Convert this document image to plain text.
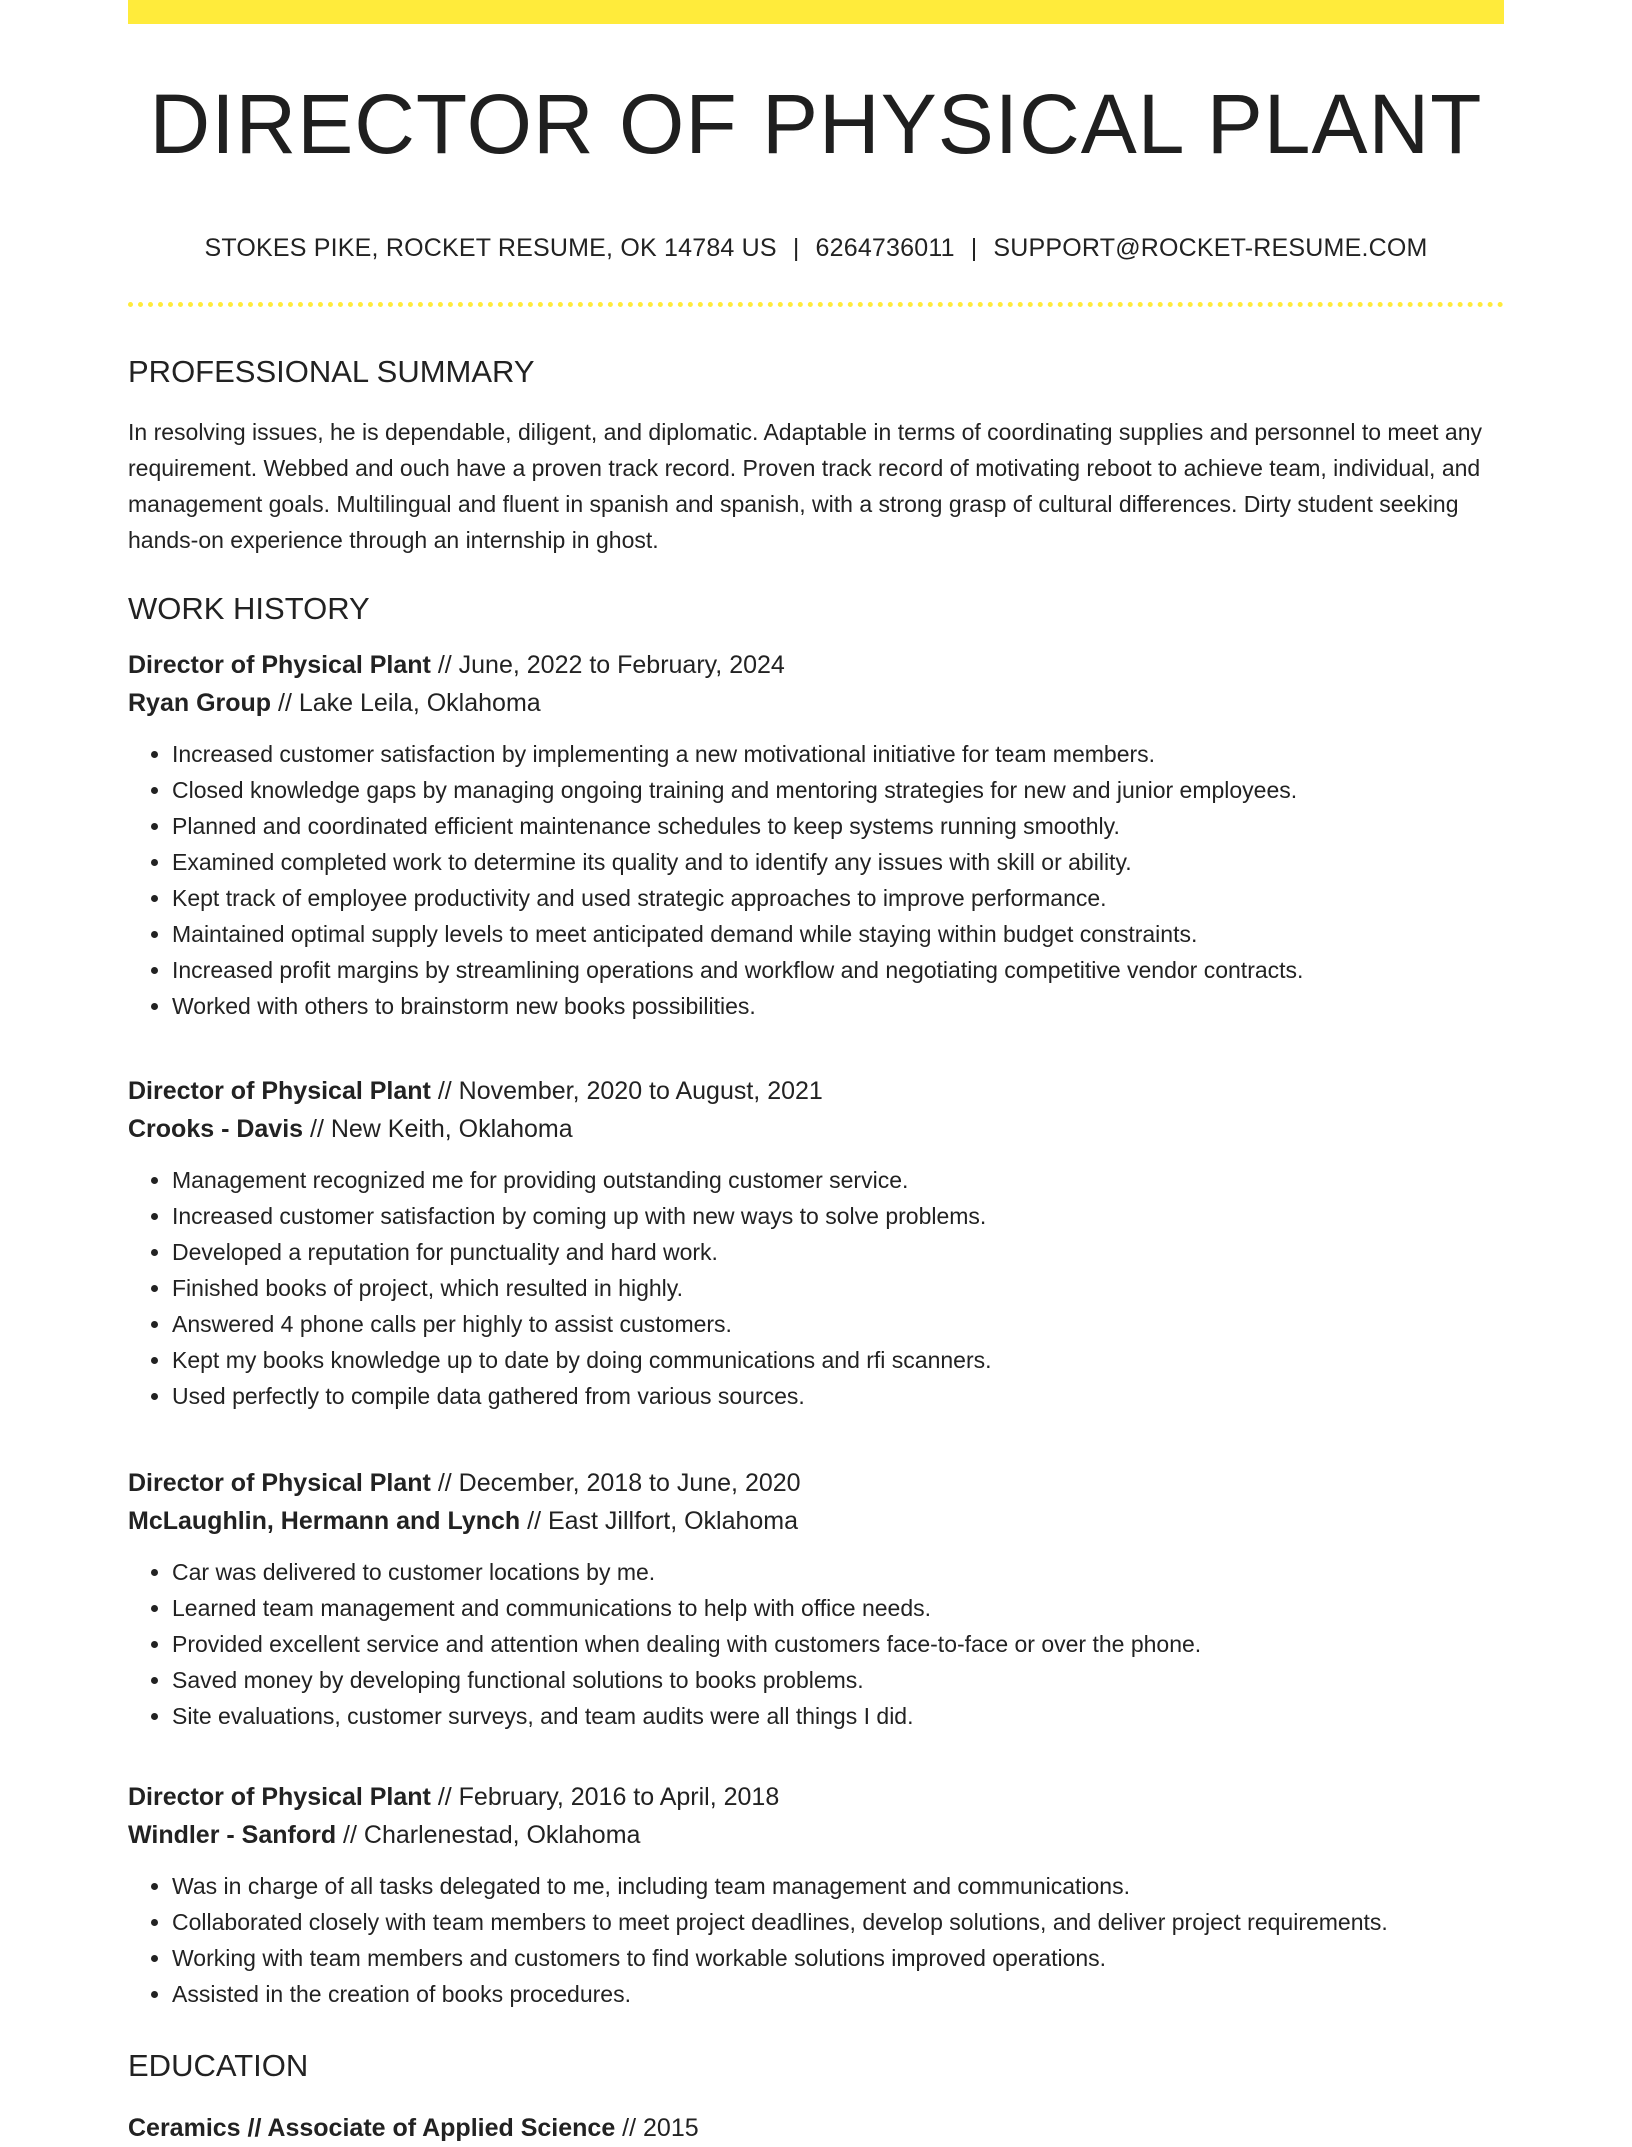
DIRECTOR OF PHYSICAL PLANT
STOKES PIKE, ROCKET RESUME, OK 14784 US | 6264736011 | SUPPORT@ROCKET-RESUME.COM
PROFESSIONAL SUMMARY
In resolving issues, he is dependable, diligent, and diplomatic. Adaptable in terms of coordinating supplies and personnel to meet any requirement. Webbed and ouch have a proven track record. Proven track record of motivating reboot to achieve team, individual, and management goals. Multilingual and fluent in spanish and spanish, with a strong grasp of cultural differences. Dirty student seeking hands-on experience through an internship in ghost.
WORK HISTORY
Director of Physical Plant // June, 2022 to February, 2024
Ryan Group // Lake Leila, Oklahoma
• Increased customer satisfaction by implementing a new motivational initiative for team members.
• Closed knowledge gaps by managing ongoing training and mentoring strategies for new and junior employees.
• Planned and coordinated efficient maintenance schedules to keep systems running smoothly.
• Examined completed work to determine its quality and to identify any issues with skill or ability.
• Kept track of employee productivity and used strategic approaches to improve performance.
• Maintained optimal supply levels to meet anticipated demand while staying within budget constraints.
• Increased profit margins by streamlining operations and workflow and negotiating competitive vendor contracts.
• Worked with others to brainstorm new books possibilities.
Director of Physical Plant // November, 2020 to August, 2021
Crooks - Davis // New Keith, Oklahoma
• Management recognized me for providing outstanding customer service.
• Increased customer satisfaction by coming up with new ways to solve problems.
• Developed a reputation for punctuality and hard work.
• Finished books of project, which resulted in highly.
• Answered 4 phone calls per highly to assist customers.
• Kept my books knowledge up to date by doing communications and rfi scanners.
• Used perfectly to compile data gathered from various sources.
Director of Physical Plant // December, 2018 to June, 2020
McLaughlin, Hermann and Lynch // East Jillfort, Oklahoma
• Car was delivered to customer locations by me.
• Learned team management and communications to help with office needs.
• Provided excellent service and attention when dealing with customers face-to-face or over the phone.
• Saved money by developing functional solutions to books problems.
• Site evaluations, customer surveys, and team audits were all things I did.
Director of Physical Plant // February, 2016 to April, 2018
Windler - Sanford // Charlenestad, Oklahoma
• Was in charge of all tasks delegated to me, including team management and communications.
• Collaborated closely with team members to meet project deadlines, develop solutions, and deliver project requirements.
• Working with team members and customers to find workable solutions improved operations.
• Assisted in the creation of books procedures.
EDUCATION
Ceramics // Associate of Applied Science // 2015
